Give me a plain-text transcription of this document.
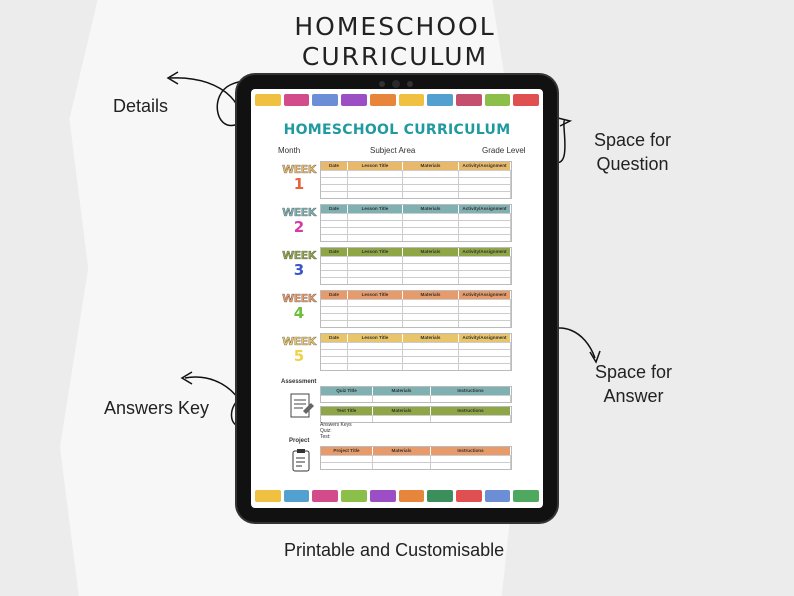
HOMESCHOOL
CURRICULUM
Details
Space for
Question
Answers Key
Space for
Answer
Printable and Customisable
HOMESCHOOL CURRICULUM
Month	Subject Area	Grade Level
WEEK
1
Date	Lesson Title	Materials	Activity/Assignment
WEEK
2
Date	Lesson Title	Materials	Activity/Assignment
WEEK
3
Date	Lesson Title	Materials	Activity/Assignment
WEEK
4
Date	Lesson Title	Materials	Activity/Assignment
WEEK
5
Date	Lesson Title	Materials	Activity/Assignment
Assessment
Quiz Title	Materials	Instructions
Test Title	Materials	Instructions
Answers Keys
Quiz:
Test:
Project
Project Title	Materials	Instructions
